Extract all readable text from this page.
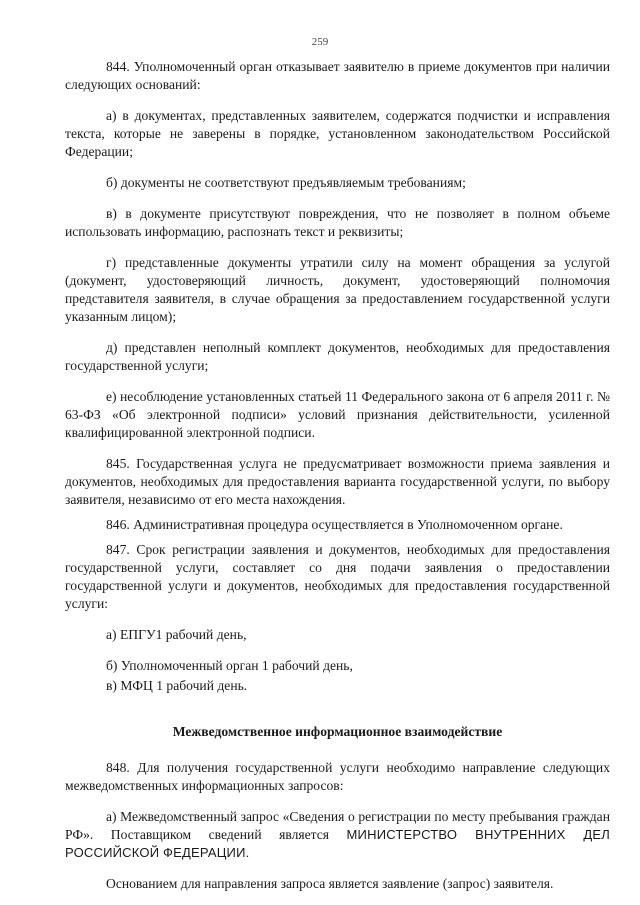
259

844. Уполномоченный орган отказывает заявителю в приеме документов при наличии следующих оснований:

а) в документах, представленных заявителем, содержатся подчистки и исправления текста, которые не заверены в порядке, установленном законодательством Российской Федерации;

б) документы не соответствуют предъявляемым требованиям;

в) в документе присутствуют повреждения, что не позволяет в полном объеме использовать информацию, распознать текст и реквизиты;

г) представленные документы утратили силу на момент обращения за услугой (документ, удостоверяющий личность, документ, удостоверяющий полномочия представителя заявителя, в случае обращения за предоставлением государственной услуги указанным лицом);

д) представлен неполный комплект документов, необходимых для предоставления государственной услуги;

е) несоблюдение установленных статьей 11 Федерального закона от 6 апреля 2011 г. № 63-ФЗ «Об электронной подписи» условий признания действительности, усиленной квалифицированной электронной подписи.

845. Государственная услуга не предусматривает возможности приема заявления и документов, необходимых для предоставления варианта государственной услуги, по выбору заявителя, независимо от его места нахождения.

846. Административная процедура осуществляется в Уполномоченном органе.

847. Срок регистрации заявления и документов, необходимых для предоставления государственной услуги, составляет со дня подачи заявления о предоставлении государственной услуги и документов, необходимых для предоставления государственной услуги:

а) ЕПГУ1 рабочий день,

б) Уполномоченный орган 1 рабочий день,

в) МФЦ 1 рабочий день.

Межведомственное информационное взаимодействие

848. Для получения государственной услуги необходимо направление следующих межведомственных информационных запросов:

а) Межведомственный запрос «Сведения о регистрации по месту пребывания граждан РФ». Поставщиком сведений является МИНИСТЕРСТВО ВНУТРЕННИХ ДЕЛ РОССИЙСКОЙ ФЕДЕРАЦИИ.

Основанием для направления запроса является заявление (запрос) заявителя.
